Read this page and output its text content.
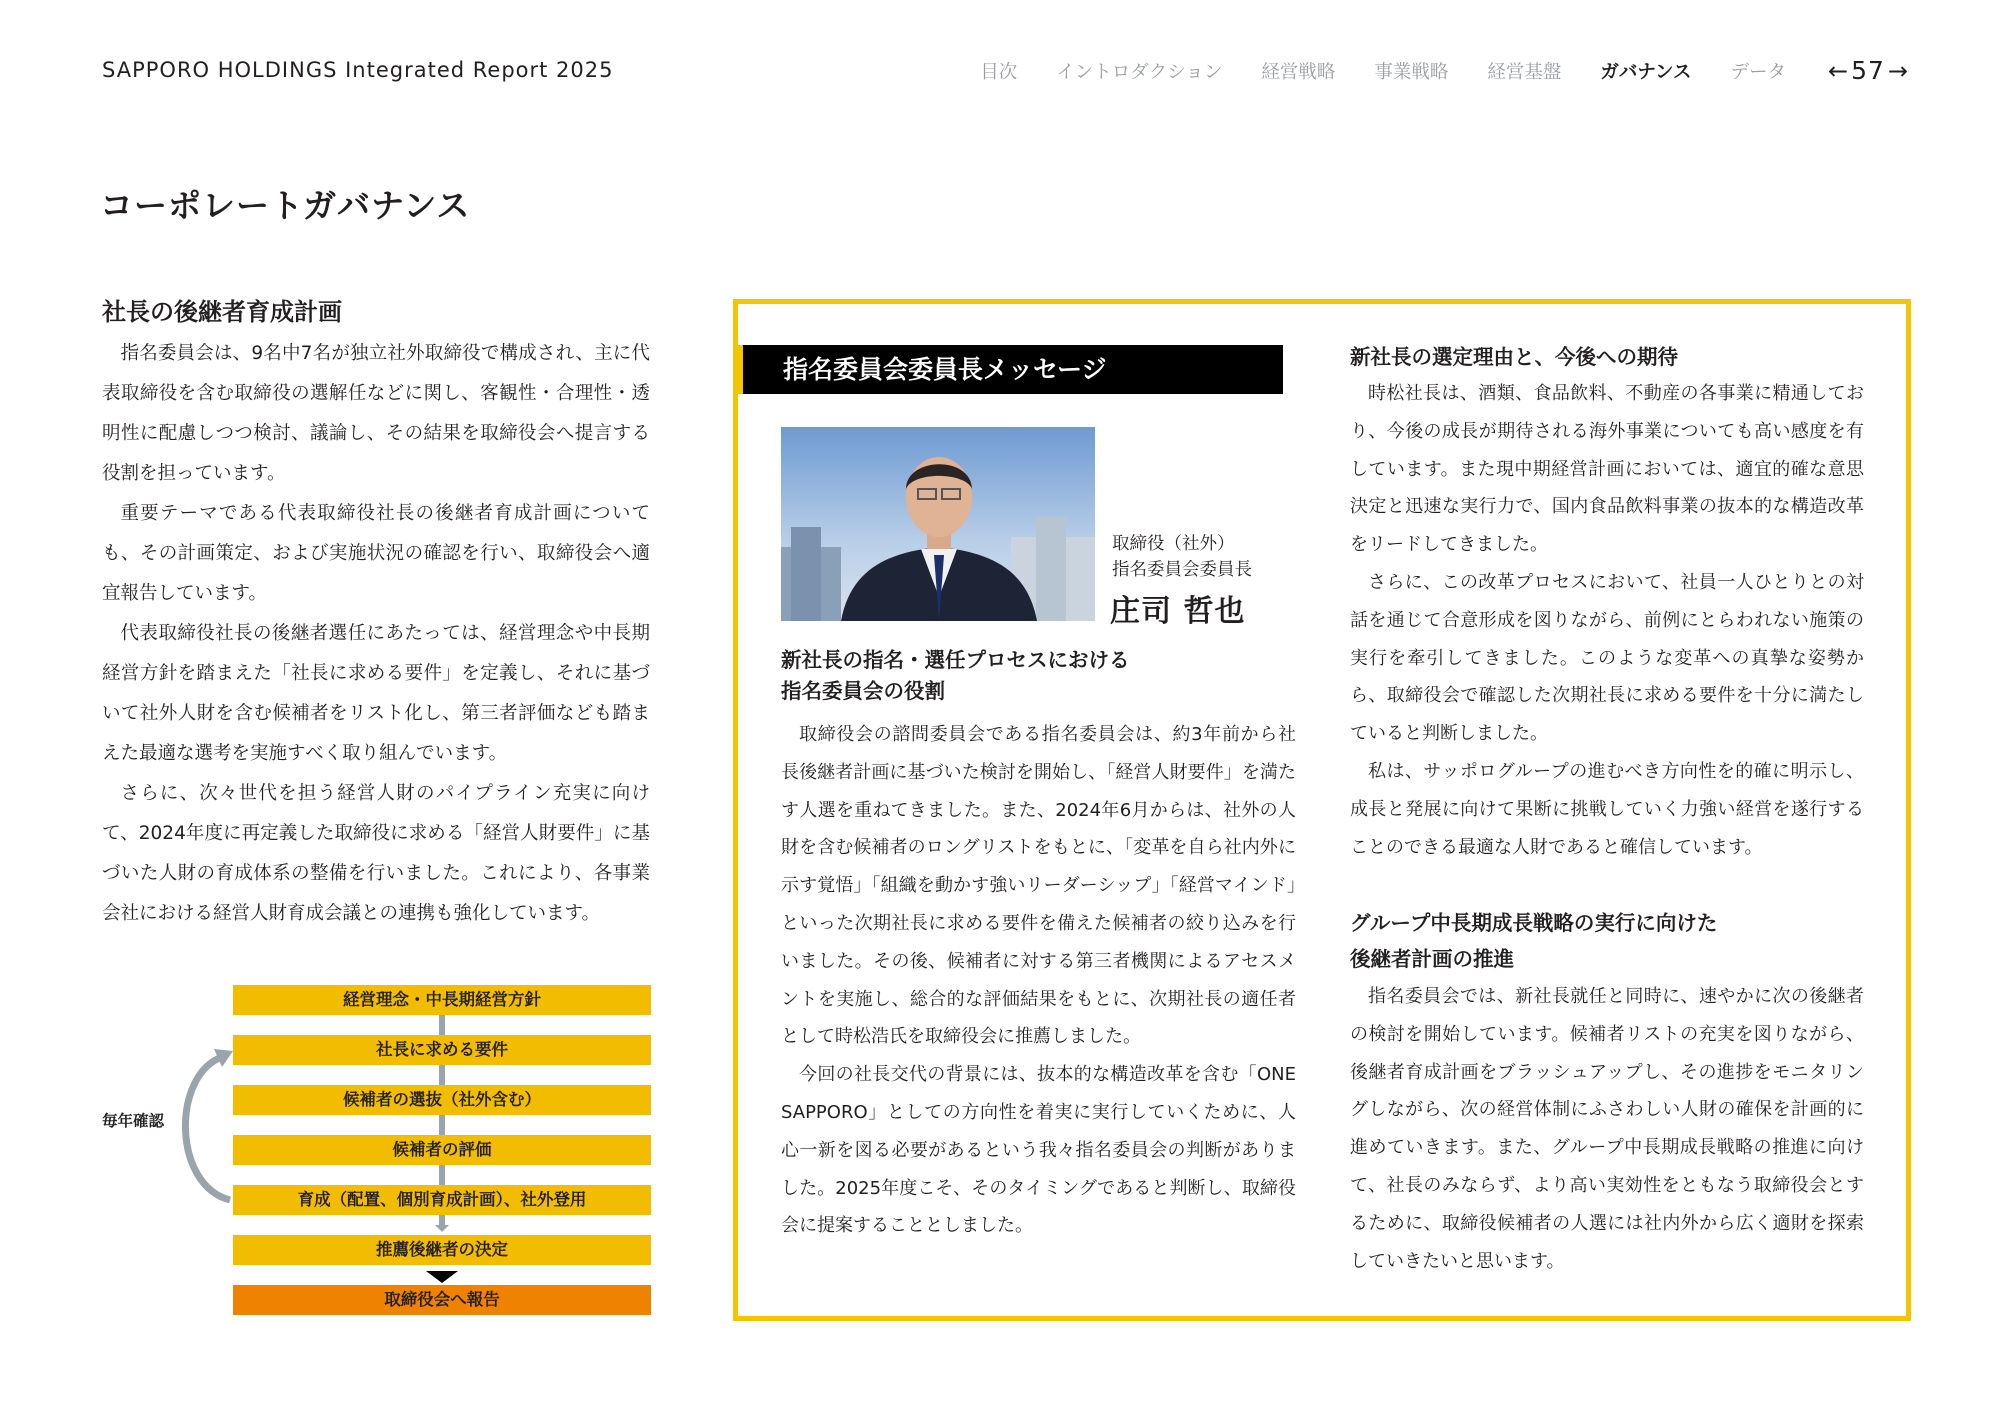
SAPPORO HOLDINGS Integrated Report 2025	目次 イントロダクション 経営戦略 事業戦略 経営基盤 ガバナンス データ ← 57 →
コーポレートガバナンス
社長の後継者育成計画

指名委員会は、9名中7名が独立社外取締役で構成され、主に代表取締役を含む取締役の選解任などに関し、客観性・合理性・透明性に配慮しつつ検討、議論し、その結果を取締役会へ提言する役割を担っています。

重要テーマである代表取締役社長の後継者育成計画についても、その計画策定、および実施状況の確認を行い、取締役会へ適宜報告しています。

代表取締役社長の後継者選任にあたっては、経営理念や中長期経営方針を踏まえた「社長に求める要件」を定義し、それに基づいて社外人財を含む候補者をリスト化し、第三者評価なども踏まえた最適な選考を実施すべく取り組んでいます。

さらに、次々世代を担う経営人財のパイプライン充実に向けて、2024年度に再定義した取締役に求める「経営人財要件」に基づいた人財の育成体系の整備を行いました。これにより、各事業会社における経営人財育成会議との連携も強化しています。

経営理念・中長期経営方針
社長に求める要件
候補者の選抜（社外含む）
候補者の評価
育成（配置、個別育成計画）、社外登用
推薦後継者の決定
取締役会へ報告
毎年確認
指名委員会委員長メッセージ
取締役（社外）
指名委員会委員長
庄司 哲也
新社長の指名・選任プロセスにおける
指名委員会の役割

取締役会の諮問委員会である指名委員会は、約3年前から社長後継者計画に基づいた検討を開始し、「経営人財要件」を満たす人選を重ねてきました。また、2024年6月からは、社外の人財を含む候補者のロングリストをもとに、「変革を自ら社内外に示す覚悟」「組織を動かす強いリーダーシップ」「経営マインド」といった次期社長に求める要件を備えた候補者の絞り込みを行いました。その後、候補者に対する第三者機関によるアセスメントを実施し、総合的な評価結果をもとに、次期社長の適任者として時松浩氏を取締役会に推薦しました。

今回の社長交代の背景には、抜本的な構造改革を含む「ONE SAPPORO」としての方向性を着実に実行していくために、人心一新を図る必要があるという我々指名委員会の判断がありました。2025年度こそ、そのタイミングであると判断し、取締役会に提案することとしました。

新社長の選定理由と、今後への期待

時松社長は、酒類、食品飲料、不動産の各事業に精通しており、今後の成長が期待される海外事業についても高い感度を有しています。また現中期経営計画においては、適宜的確な意思決定と迅速な実行力で、国内食品飲料事業の抜本的な構造改革をリードしてきました。

さらに、この改革プロセスにおいて、社員一人ひとりとの対話を通じて合意形成を図りながら、前例にとらわれない施策の実行を牽引してきました。このような変革への真摯な姿勢から、取締役会で確認した次期社長に求める要件を十分に満たしていると判断しました。

私は、サッポログループの進むべき方向性を的確に明示し、成長と発展に向けて果断に挑戦していく力強い経営を遂行することのできる最適な人財であると確信しています。

グループ中長期成長戦略の実行に向けた
後継者計画の推進

指名委員会では、新社長就任と同時に、速やかに次の後継者の検討を開始しています。候補者リストの充実を図りながら、後継者育成計画をブラッシュアップし、その進捗をモニタリングしながら、次の経営体制にふさわしい人財の確保を計画的に進めていきます。また、グループ中長期成長戦略の推進に向けて、社長のみならず、より高い実効性をともなう取締役会とするために、取締役候補者の人選には社内外から広く適財を探索していきたいと思います。
